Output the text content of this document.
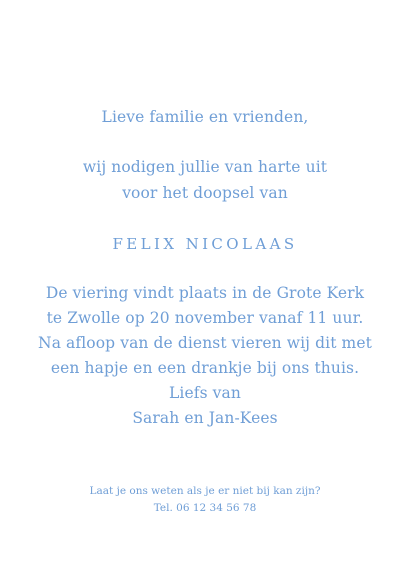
Lieve familie en vrienden,
wij nodigen jullie van harte uit
voor het doopsel van
FELIX NICOLAAS
De viering vindt plaats in de Grote Kerk
te Zwolle op 20 november vanaf 11 uur.
Na afloop van de dienst vieren wij dit met
een hapje en een drankje bij ons thuis.
Liefs van
Sarah en Jan-Kees
Laat je ons weten als je er niet bij kan zijn?
Tel. 06 12 34 56 78
